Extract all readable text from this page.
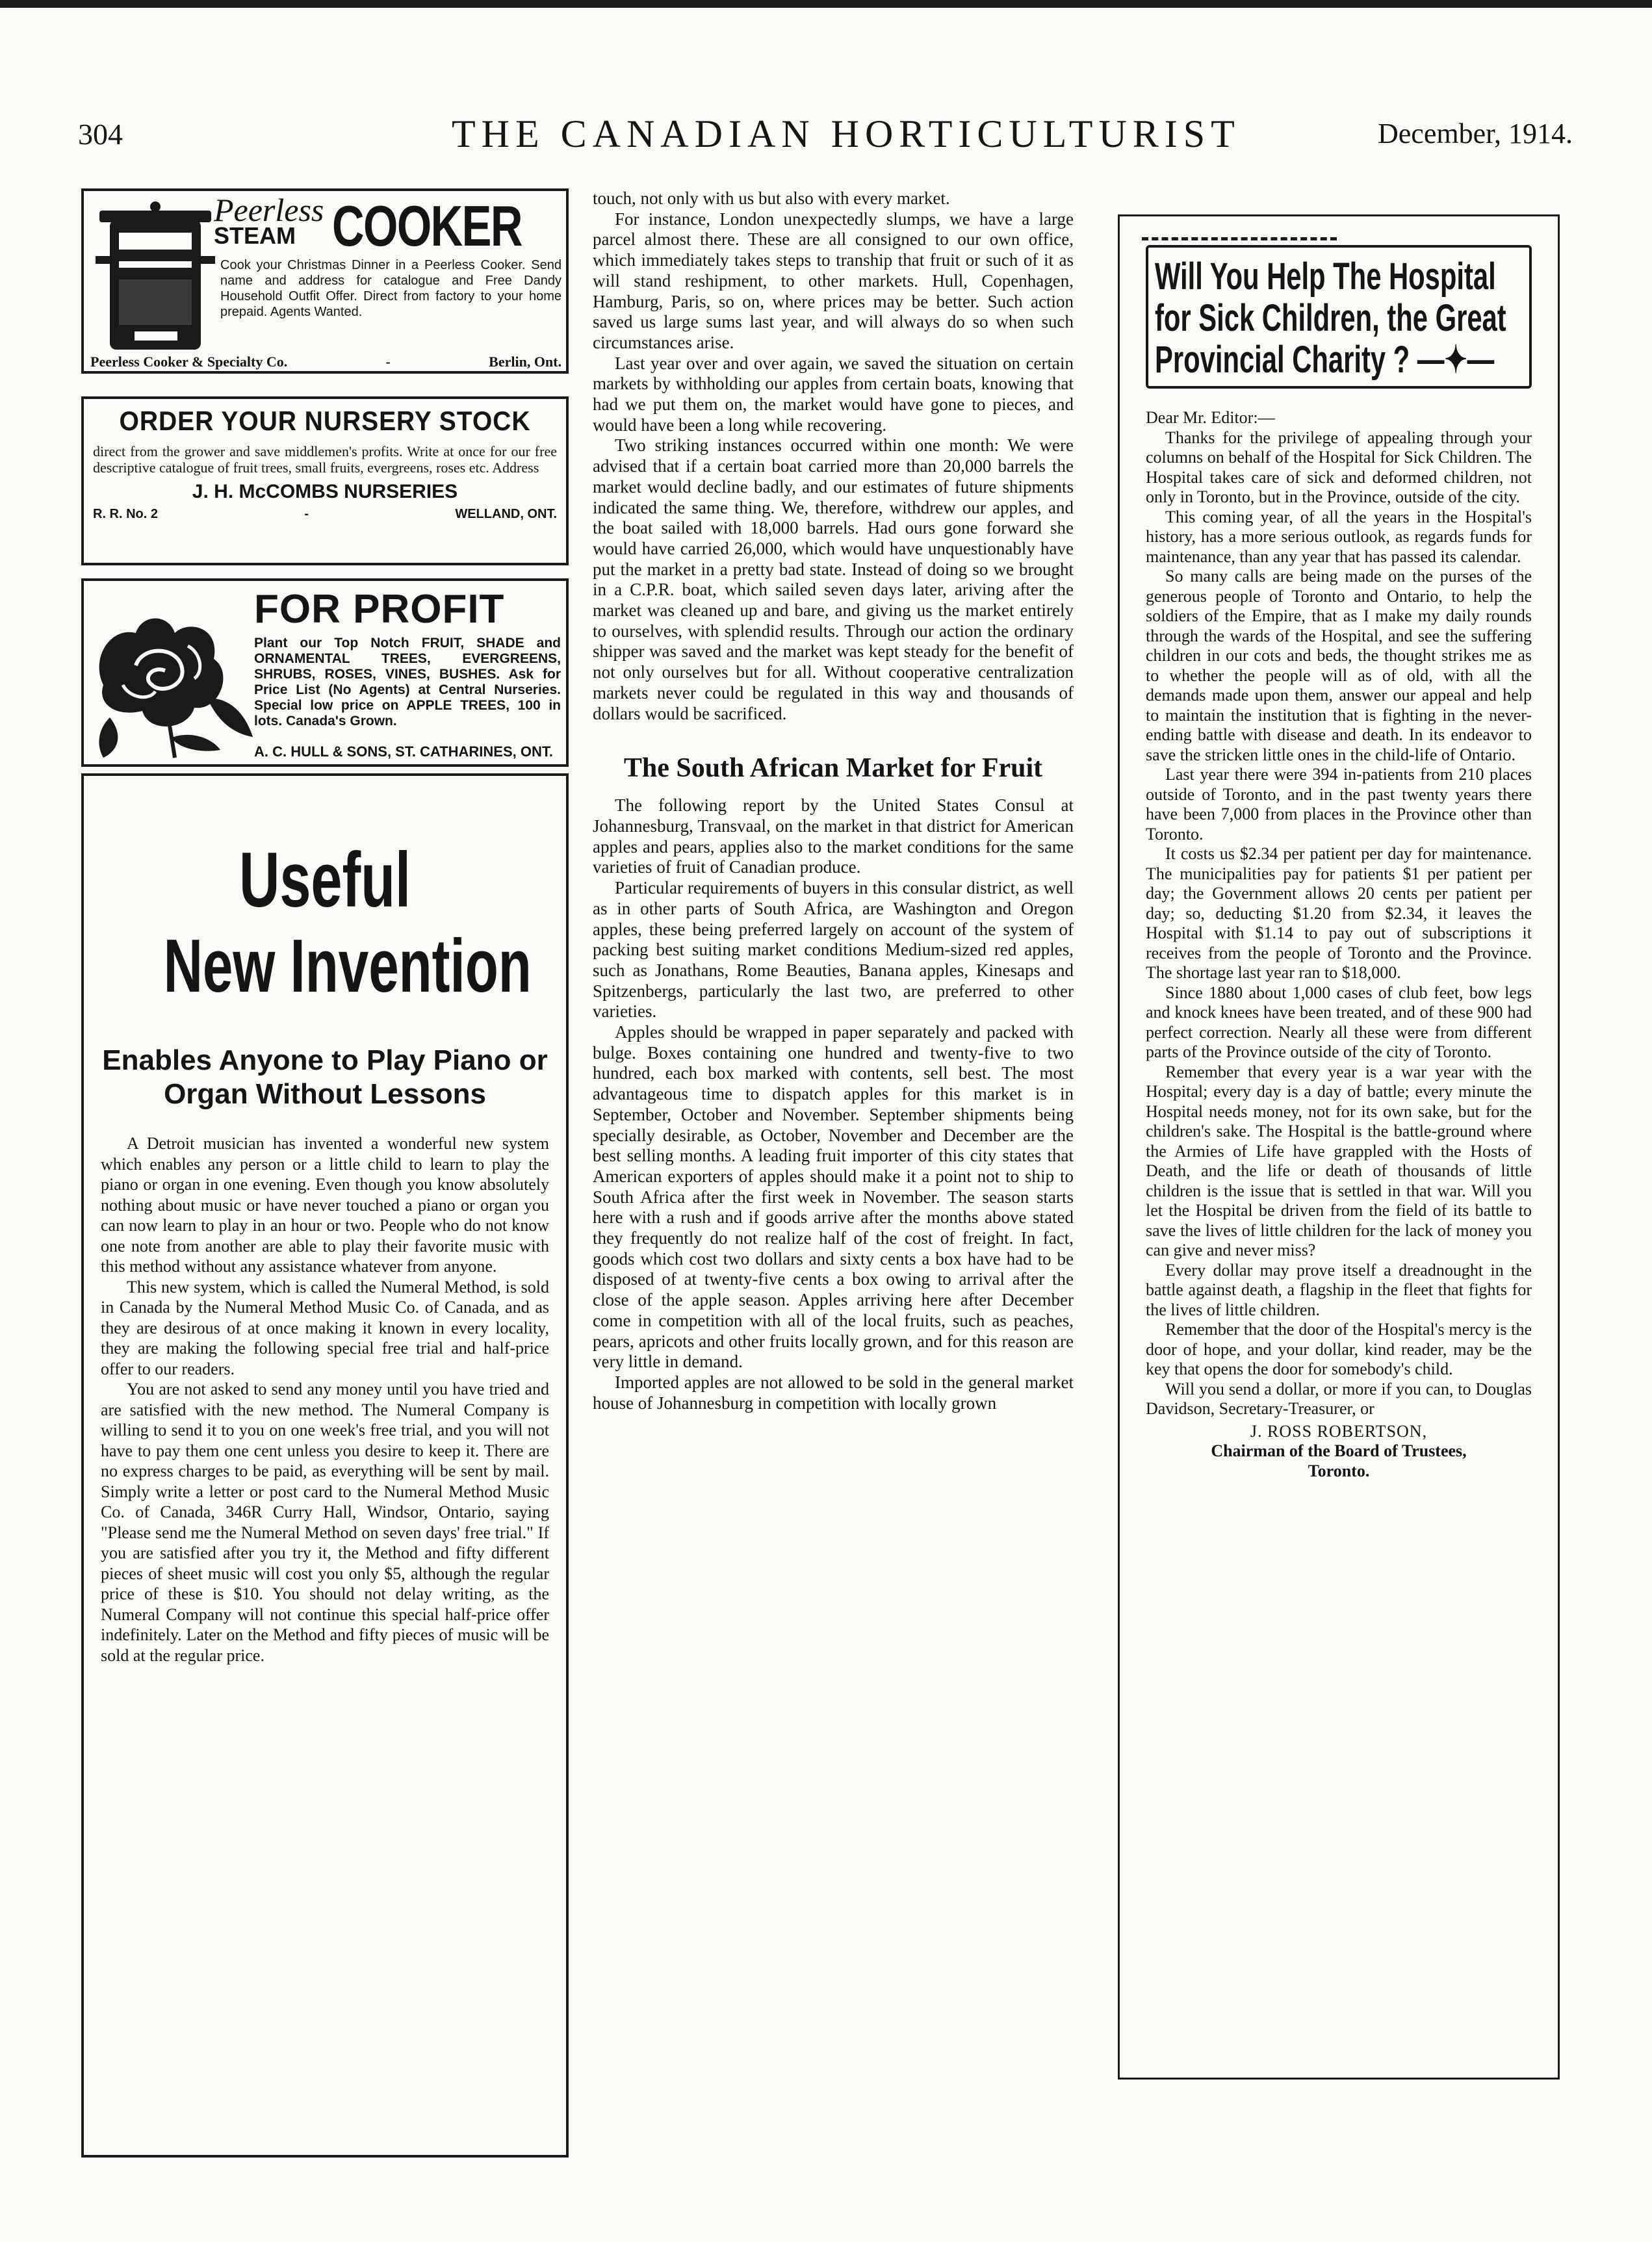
304	THE CANADIAN HORTICULTURIST	December, 1914.
Peerless
STEAM COOKER
Cook your Christmas Dinner in a Peerless Cooker. Send name and address for catalogue and Free Dandy Household Outfit Offer. Direct from factory to your home prepaid. Agents Wanted.
Peerless Cooker & Specialty Co.	-	Berlin, Ont.
ORDER YOUR NURSERY STOCK
direct from the grower and save middlemen's profits. Write at once for our free descriptive catalogue of fruit trees, small fruits, evergreens, roses etc. Address
J. H. McCOMBS NURSERIES
R. R. No. 2	-	WELLAND, ONT.
FOR PROFIT
Plant our Top Notch FRUIT, SHADE and ORNAMENTAL TREES, EVERGREENS, SHRUBS, ROSES, VINES, BUSHES. Ask for Price List (No Agents) at Central Nurseries. Special low price on APPLE TREES, 100 in lots. Canada's Grown.
A. C. HULL & SONS, ST. CATHARINES, ONT.
Useful
New Invention
Enables Anyone to Play Piano or Organ Without Lessons

A Detroit musician has invented a wonderful new system which enables any person or a little child to learn to play the piano or organ in one evening. Even though you know absolutely nothing about music or have never touched a piano or organ you can now learn to play in an hour or two. People who do not know one note from another are able to play their favorite music with this method without any assistance whatever from anyone.

This new system, which is called the Numeral Method, is sold in Canada by the Numeral Method Music Co. of Canada, and as they are desirous of at once making it known in every locality, they are making the following special free trial and half-price offer to our readers.

You are not asked to send any money until you have tried and are satisfied with the new method. The Numeral Company is willing to send it to you on one week's free trial, and you will not have to pay them one cent unless you desire to keep it. There are no express charges to be paid, as everything will be sent by mail. Simply write a letter or post card to the Numeral Method Music Co. of Canada, 346R Curry Hall, Windsor, Ontario, saying "Please send me the Numeral Method on seven days' free trial." If you are satisfied after you try it, the Method and fifty different pieces of sheet music will cost you only $5, although the regular price of these is $10. You should not delay writing, as the Numeral Company will not continue this special half-price offer indefinitely. Later on the Method and fifty pieces of music will be sold at the regular price.

touch, not only with us but also with every market.

For instance, London unexpectedly slumps, we have a large parcel almost there. These are all consigned to our own office, which immediately takes steps to tranship that fruit or such of it as will stand reshipment, to other markets. Hull, Copenhagen, Hamburg, Paris, so on, where prices may be better. Such action saved us large sums last year, and will always do so when such circumstances arise.

Last year over and over again, we saved the situation on certain markets by withholding our apples from certain boats, knowing that had we put them on, the market would have gone to pieces, and would have been a long while recovering.

Two striking instances occurred within one month: We were advised that if a certain boat carried more than 20,000 barrels the market would decline badly, and our estimates of future shipments indicated the same thing. We, therefore, withdrew our apples, and the boat sailed with 18,000 barrels. Had ours gone forward she would have carried 26,000, which would have unquestionably have put the market in a pretty bad state. Instead of doing so we brought in a C.P.R. boat, which sailed seven days later, ariving after the market was cleaned up and bare, and giving us the market entirely to ourselves, with splendid results. Through our action the ordinary shipper was saved and the market was kept steady for the benefit of not only ourselves but for all. Without cooperative centralization markets never could be regulated in this way and thousands of dollars would be sacrificed.

The South African Market for Fruit

The following report by the United States Consul at Johannesburg, Transvaal, on the market in that district for American apples and pears, applies also to the market conditions for the same varieties of fruit of Canadian produce.

Particular requirements of buyers in this consular district, as well as in other parts of South Africa, are Washington and Oregon apples, these being preferred largely on account of the system of packing best suiting market conditions Medium-sized red apples, such as Jonathans, Rome Beauties, Banana apples, Kinesaps and Spitzenbergs, particularly the last two, are preferred to other varieties.

Apples should be wrapped in paper separately and packed with bulge. Boxes containing one hundred and twenty-five to two hundred, each box marked with contents, sell best. The most advantageous time to dispatch apples for this market is in September, October and November. September shipments being specially desirable, as October, November and December are the best selling months. A leading fruit importer of this city states that American exporters of apples should make it a point not to ship to South Africa after the first week in November. The season starts here with a rush and if goods arrive after the months above stated they frequently do not realize half of the cost of freight. In fact, goods which cost two dollars and sixty cents a box have had to be disposed of at twenty-five cents a box owing to arrival after the close of the apple season. Apples arriving here after December come in competition with all of the local fruits, such as peaches, pears, apricots and other fruits locally grown, and for this reason are very little in demand.

Imported apples are not allowed to be sold in the general market house of Johannesburg in competition with locally grown

Will You Help The Hospital for Sick Children, the Great Provincial Charity ? —✦—

Dear Mr. Editor:—

Thanks for the privilege of appealing through your columns on behalf of the Hospital for Sick Children. The Hospital takes care of sick and deformed children, not only in Toronto, but in the Province, outside of the city.

This coming year, of all the years in the Hospital's history, has a more serious outlook, as regards funds for maintenance, than any year that has passed its calendar.

So many calls are being made on the purses of the generous people of Toronto and Ontario, to help the soldiers of the Empire, that as I make my daily rounds through the wards of the Hospital, and see the suffering children in our cots and beds, the thought strikes me as to whether the people will as of old, with all the demands made upon them, answer our appeal and help to maintain the institution that is fighting in the never-ending battle with disease and death. In its endeavor to save the stricken little ones in the child-life of Ontario.

Last year there were 394 in-patients from 210 places outside of Toronto, and in the past twenty years there have been 7,000 from places in the Province other than Toronto.

It costs us $2.34 per patient per day for maintenance. The municipalities pay for patients $1 per patient per day; the Government allows 20 cents per patient per day; so, deducting $1.20 from $2.34, it leaves the Hospital with $1.14 to pay out of subscriptions it receives from the people of Toronto and the Province. The shortage last year ran to $18,000.

Since 1880 about 1,000 cases of club feet, bow legs and knock knees have been treated, and of these 900 had perfect correction. Nearly all these were from different parts of the Province outside of the city of Toronto.

Remember that every year is a war year with the Hospital; every day is a day of battle; every minute the Hospital needs money, not for its own sake, but for the children's sake. The Hospital is the battle-ground where the Armies of Life have grappled with the Hosts of Death, and the life or death of thousands of little children is the issue that is settled in that war. Will you let the Hospital be driven from the field of its battle to save the lives of little children for the lack of money you can give and never miss?

Every dollar may prove itself a dreadnought in the battle against death, a flagship in the fleet that fights for the lives of little children.

Remember that the door of the Hospital's mercy is the door of hope, and your dollar, kind reader, may be the key that opens the door for somebody's child.

Will you send a dollar, or more if you can, to Douglas Davidson, Secretary-Treasurer, or

J. ROSS ROBERTSON,
Chairman of the Board of Trustees,
Toronto.
